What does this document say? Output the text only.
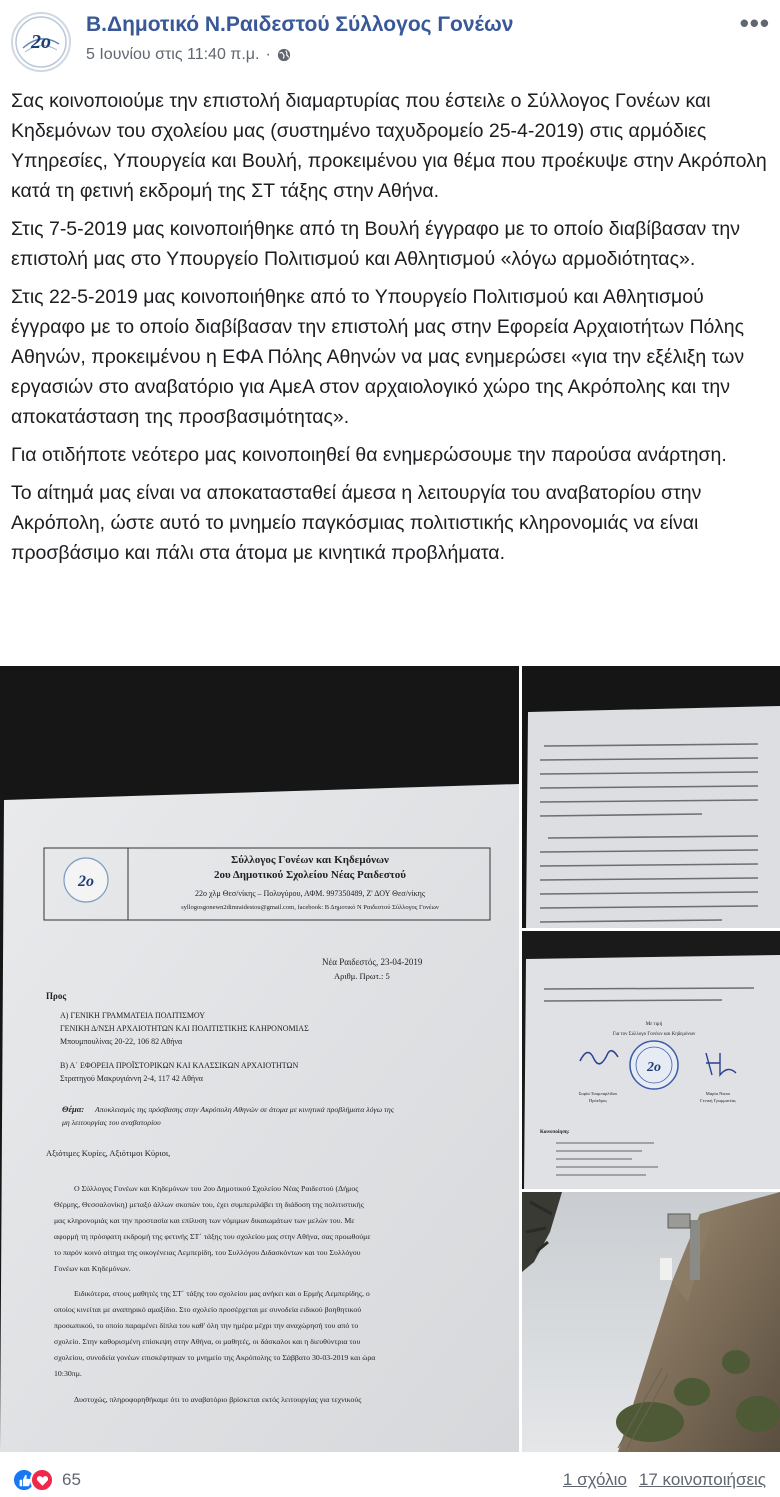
2ο
Β.Δημοτικό Ν.Ραιδεστού Σύλλογος Γονέων
5 Ιουνίου στις 11:40 π.μ. ·
•••

Σας κοινοποιούμε την επιστολή διαμαρτυρίας που έστειλε ο Σύλλογος Γονέων και Κηδεμόνων του σχολείου μας (συστημένο ταχυδρομείο 25-4-2019) στις αρμόδιες Υπηρεσίες, Υπουργεία και Βουλή, προκειμένου για θέμα που προέκυψε στην Ακρόπολη κατά τη φετινή εκδρομή της ΣΤ τάξης στην Αθήνα.

Στις 7-5-2019 μας κοινοποιήθηκε από τη Βουλή έγγραφο με το οποίο διαβίβασαν την επιστολή μας στο Υπουργείο Πολιτισμού και Αθλητισμού «λόγω αρμοδιότητας».

Στις 22-5-2019 μας κοινοποιήθηκε από το Υπουργείο Πολιτισμού και Αθλητισμού έγγραφο με το οποίο διαβίβασαν την επιστολή μας στην Εφορεία Αρχαιοτήτων Πόλης Αθηνών, προκειμένου η ΕΦΑ Πόλης Αθηνών να μας ενημερώσει «για την εξέλιξη των εργασιών στο αναβατόριο για ΑμεΑ στον αρχαιολογικό χώρο της Ακρόπολης και την αποκατάσταση της προσβασιμότητας».

Για οτιδήποτε νεότερο μας κοινοποιηθεί θα ενημερώσουμε την παρούσα ανάρτηση.

Το αίτημά μας είναι να αποκατασταθεί άμεσα η λειτουργία του αναβατορίου στην Ακρόπολη, ώστε αυτό το μνημείο παγκόσμιας πολιτιστικής κληρονομιάς να είναι προσβάσιμο και πάλι στα άτομα με κινητικά προβλήματα.

2ο
Σύλλογος Γονέων και Κηδεμόνων
2ου Δημοτικού Σχολείου Νέας Ραιδεστού
22ο χλμ Θεσ/νίκης – Πολυγύρου, ΑΦΜ. 997350489, Ζ' ΔΟΥ Θεσ/νίκης
syllogosgonewn2dimraidestou@gmail.com, facebook: Β Δημοτικό Ν Ραιδεστού Σύλλογος Γονέων
Νέα Ραιδεστός, 23-04-2019
Αριθμ. Πρωτ.: 5
Προς
Α) ΓΕΝΙΚΗ ΓΡΑΜΜΑΤΕΙΑ ΠΟΛΙΤΙΣΜΟΥ
ΓΕΝΙΚΗ Δ/ΝΣΗ ΑΡΧΑΙΟΤΗΤΩΝ ΚΑΙ ΠΟΛΙΤΙΣΤΙΚΗΣ ΚΛΗΡΟΝΟΜΙΑΣ
Μπουμπουλίνας 20-22, 106 82 Αθήνα
Β) Α΄ ΕΦΟΡΕΙΑ ΠΡΟΪΣΤΟΡΙΚΩΝ ΚΑΙ ΚΛΑΣΣΙΚΩΝ ΑΡΧΑΙΟΤΗΤΩΝ
Στρατηγού Μακρυγιάννη 2-4, 117 42 Αθήνα
Θέμα: Αποκλεισμός της πρόσβασης στην Ακρόπολη Αθηνών σε άτομα με κινητικά προβλήματα λόγω της
μη λειτουργίας του αναβατορίου
Αξιότιμες Κυρίες, Αξιότιμοι Κύριοι,
Ο Σύλλογος Γονέων και Κηδεμόνων του 2ου Δημοτικού Σχολείου Νέας Ραιδεστού (Δήμος
Θέρμης, Θεσσαλονίκη) μεταξύ άλλων σκοπών του, έχει συμπεριλάβει τη διάδοση της πολιτιστικής
μας κληρονομιάς και την προστασία και επίλυση των νόμιμων δικαιωμάτων των μελών του. Με
αφορμή τη πρόσφατη εκδρομή της φετινής ΣΤ΄ τάξης του σχολείου μας στην Αθήνα, σας προωθούμε
το παρόν κοινό αίτημα της οικογένειας Λεμπερίδη, του Συλλόγου Διδασκόντων και του Συλλόγου
Γονέων και Κηδεμόνων.
Ειδικότερα, στους μαθητές της ΣΤ΄ τάξης του σχολείου μας ανήκει και ο Ερμής Λεμπερίδης, ο
οποίος κινείται με αναπηρικό αμαξίδιο. Στο σχολείο προσέρχεται με συνοδεία ειδικού βοηθητικού
προσωπικού, το οποίο παραμένει δίπλα του καθ' όλη την ημέρα μέχρι την αναχώρησή του από το
σχολείο. Στην καθορισμένη επίσκεψη στην Αθήνα, οι μαθητές, οι δάσκαλοι και η διευθύντρια του
σχολείου, συνοδεία γονέων επισκέφτηκαν το μνημείο της Ακρόπολης το Σάββατο 30-03-2019 και ώρα
10:30πμ.
Δυστυχώς, πληροφορηθήκαμε ότι το αναβατόριο βρίσκεται εκτός λειτουργίας για τεχνικούς
Με τιμή
Για τον Σύλλογο Γονέων και Κηδεμόνων
2ο
Σοφία Τσαμπαρλίδου
Πρόεδρος
Μαρία Νικου
Γενική Γραμματέας
Κοινοποίηση:
65	1 σχόλιο 17 κοινοποιήσεις
